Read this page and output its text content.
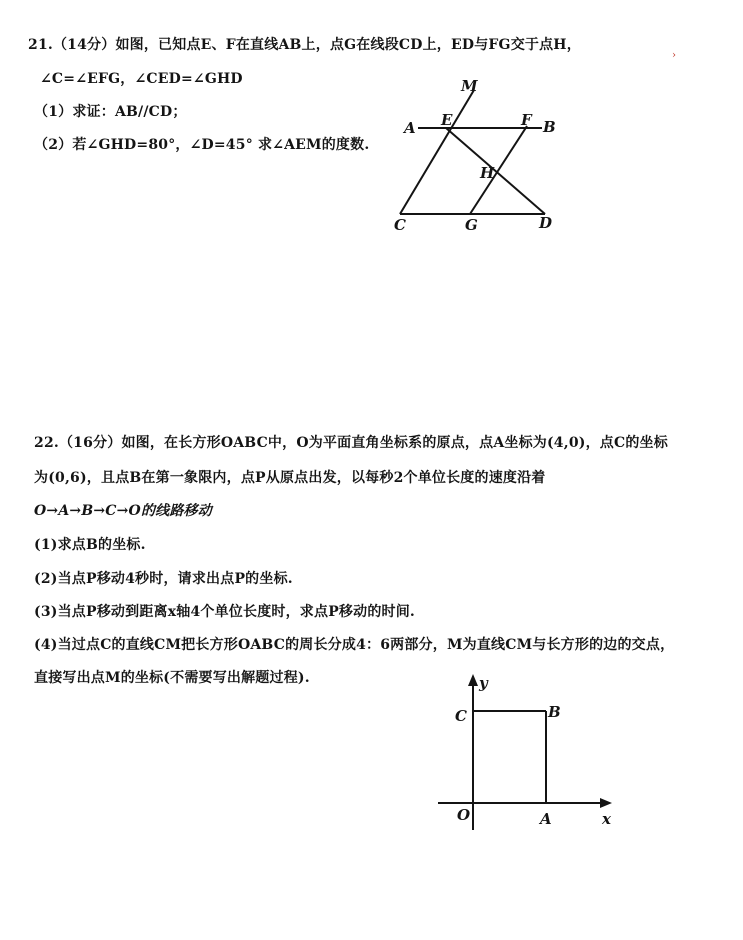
21.（14分）如图，已知点E、F在直线AB上，点G在线段CD上，ED与FG交于点H，
∠C=∠EFG，∠CED=∠GHD
（1）求证：AB//CD；
（2）若∠GHD=80°，∠D=45° 求∠AEM的度数.
›
M
A E	F B
H
C	G	D
y
x
C	B
O	A
22.（16分）如图，在长方形OABC中，O为平面直角坐标系的原点，点A坐标为(4,0)，点C的坐标
为(0,6)，且点B在第一象限内，点P从原点出发，以每秒2个单位长度的速度沿着
O→A→B→C→O的线路移动
(1)求点B的坐标.
(2)当点P移动4秒时，请求出点P的坐标.
(3)当点P移动到距离x轴4个单位长度时，求点P移动的时间.
(4)当过点C的直线CM把长方形OABC的周长分成4：6两部分，M为直线CM与长方形的边的交点，
直接写出点M的坐标(不需要写出解题过程).
